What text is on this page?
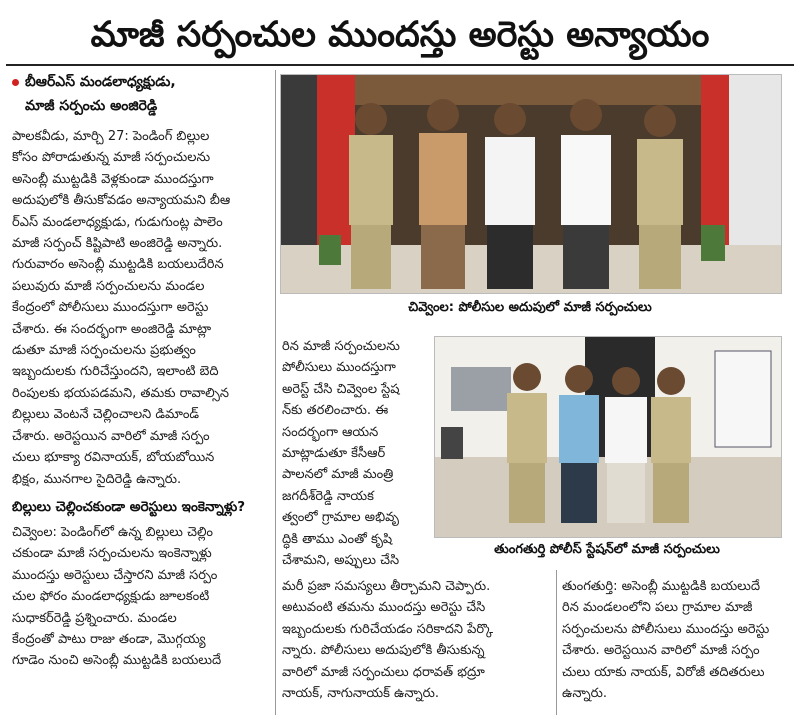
మాజీ సర్పంచుల ముందస్తు అరెస్టు అన్యాయం
బీఆర్ఎస్ మండలాధ్యక్షుడు,
మాజీ సర్పంచు అంజిరెడ్డి
పాలకవీడు, మార్చి 27: పెండింగ్ బిల్లుల
కోసం పోరాడుతున్న మాజీ సర్పంచులను
అసెంబ్లీ ముట్టడికి వెళ్లకుండా ముందస్తుగా
అదుపులోకి తీసుకోవడం అన్యాయమని బీఆ
ర్ఎస్ మండలాధ్యక్షుడు, గుడుగుంట్ల పాలెం
మాజీ సర్పంచ్ కిష్టిపాటి అంజిరెడ్డి అన్నారు.
గురువారం అసెంబ్లీ ముట్టడికి బయలుదేరిన
పలువురు మాజీ సర్పంచులను మండల
కేంద్రంలో పోలీసులు ముందస్తుగా అరెస్టు
చేశారు. ఈ సందర్భంగా అంజిరెడ్డి మాట్లా
డుతూ మాజీ సర్పంచులను ప్రభుత్వం
ఇబ్బందులకు గురిచేస్తుందని, ఇలాంటి బెది
రింపులకు భయపడమని, తమకు రావాల్సిన
బిల్లులు వెంటనే చెల్లించాలని డిమాండ్
చేశారు. అరెస్టయిన వారిలో మాజీ సర్పం
చులు భూక్యా రవినాయక్, బోయబోయిన
భిక్షం, మునగాల సైదిరెడ్డి ఉన్నారు.
బిల్లులు చెల్లించకుండా అరెస్టులు ఇంకెన్నాళ్లు?
చివ్వెంల: పెండింగ్‌లో ఉన్న బిల్లులు చెల్లిం
చకుండా మాజీ సర్పంచులను ఇంకెన్నాళ్లు
ముందస్తు అరెస్టులు చేస్తారని మాజీ సర్పం
చుల ఫోరం మండలాధ్యక్షుడు జూలకంటి
సుధాకర్‌రెడ్డి ప్రశ్నించారు. మండల
కేంద్రంతో పాటు రాజు తండా, మొగ్గయ్య
గూడెం నుంచి అసెంబ్లీ ముట్టడికి బయలుదే
చివ్వెంల: పోలీసుల అదుపులో మాజీ సర్పంచులు
రిన మాజీ సర్పంచులను
పోలీసులు ముందస్తుగా
అరెస్ట్ చేసి చివ్వెంల స్టేష
న్‌కు తరలించారు. ఈ
సందర్భంగా ఆయన
మాట్లాడుతూ కేసీఆర్
పాలనలో మాజీ మంత్రి
జగదీశ్‌రెడ్డి నాయక
త్వంలో గ్రామాల అభివృ
ద్ధికి తాము ఎంతో కృషి
చేశామని, అప్పులు చేసి
తుంగతుర్తి పోలీస్ స్టేషన్‌లో మాజీ సర్పంచులు
మరీ ప్రజా సమస్యలు తీర్చామని చెప్పారు.
అటువంటి తమను ముందస్తు అరెస్టు చేసి
ఇబ్బందులకు గురిచేయడం సరికాదని పేర్కొ
న్నారు. పోలీసులు అదుపులోకి తీసుకున్న
వారిలో మాజీ సర్పంచులు ధరావత్ భద్రూ
నాయక్, నాగునాయక్ ఉన్నారు.
తుంగతుర్తి: అసెంబ్లీ ముట్టడికి బయలుదే
రిన మండలంలోని పలు గ్రామాల మాజీ
సర్పంచులను పోలీసులు ముందస్తు అరెస్టు
చేశారు. అరెస్టయిన వారిలో మాజీ సర్పం
చులు యాకు నాయక్, విరోజీ తదితరులు
ఉన్నారు.
